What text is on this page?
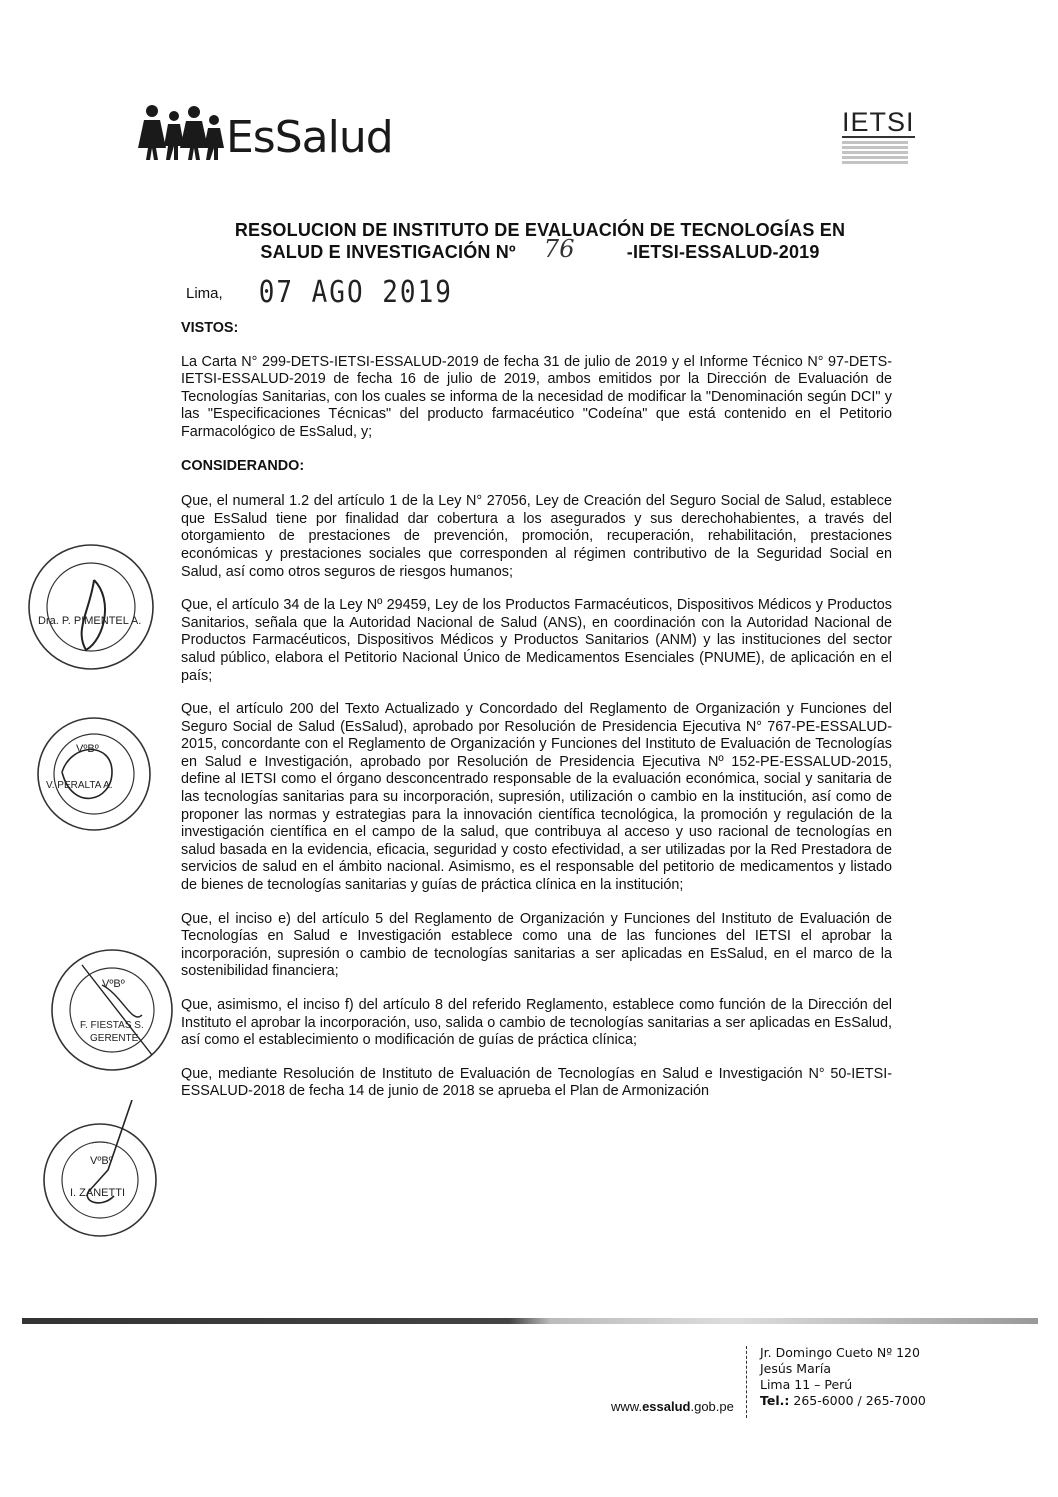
EsSalud	IETSI
RESOLUCION DE INSTITUTO DE EVALUACIÓN DE TECNOLOGÍAS EN
SALUD E INVESTIGACIÓN Nº 76	-IETSI-ESSALUD-2019
Lima, 07 AGO 2019

VISTOS:

La Carta N° 299-DETS-IETSI-ESSALUD-2019 de fecha 31 de julio de 2019 y el Informe Técnico N° 97-DETS-IETSI-ESSALUD-2019 de fecha 16 de julio de 2019, ambos emitidos por la Dirección de Evaluación de Tecnologías Sanitarias, con los cuales se informa de la necesidad de modificar la "Denominación según DCI" y las "Especificaciones Técnicas" del producto farmacéutico "Codeína" que está contenido en el Petitorio Farmacológico de EsSalud, y;

CONSIDERANDO:

Que, el numeral 1.2 del artículo 1 de la Ley N° 27056, Ley de Creación del Seguro Social de Salud, establece que EsSalud tiene por finalidad dar cobertura a los asegurados y sus derechohabientes, a través del otorgamiento de prestaciones de prevención, promoción, recuperación, rehabilitación, prestaciones económicas y prestaciones sociales que corresponden al régimen contributivo de la Seguridad Social en Salud, así como otros seguros de riesgos humanos;

Que, el artículo 34 de la Ley Nº 29459, Ley de los Productos Farmacéuticos, Dispositivos Médicos y Productos Sanitarios, señala que la Autoridad Nacional de Salud (ANS), en coordinación con la Autoridad Nacional de Productos Farmacéuticos, Dispositivos Médicos y Productos Sanitarios (ANM) y las instituciones del sector salud público, elabora el Petitorio Nacional Único de Medicamentos Esenciales (PNUME), de aplicación en el país;

Que, el artículo 200 del Texto Actualizado y Concordado del Reglamento de Organización y Funciones del Seguro Social de Salud (EsSalud), aprobado por Resolución de Presidencia Ejecutiva N° 767-PE-ESSALUD-2015, concordante con el Reglamento de Organización y Funciones del Instituto de Evaluación de Tecnologías en Salud e Investigación, aprobado por Resolución de Presidencia Ejecutiva Nº 152-PE-ESSALUD-2015, define al IETSI como el órgano desconcentrado responsable de la evaluación económica, social y sanitaria de las tecnologías sanitarias para su incorporación, supresión, utilización o cambio en la institución, así como de proponer las normas y estrategias para la innovación científica tecnológica, la promoción y regulación de la investigación científica en el campo de la salud, que contribuya al acceso y uso racional de tecnologías en salud basada en la evidencia, eficacia, seguridad y costo efectividad, a ser utilizadas por la Red Prestadora de servicios de salud en el ámbito nacional. Asimismo, es el responsable del petitorio de medicamentos y listado de bienes de tecnologías sanitarias y guías de práctica clínica en la institución;

Que, el inciso e) del artículo 5 del Reglamento de Organización y Funciones del Instituto de Evaluación de Tecnologías en Salud e Investigación establece como una de las funciones del IETSI el aprobar la incorporación, supresión o cambio de tecnologías sanitarias a ser aplicadas en EsSalud, en el marco de la sostenibilidad financiera;

Que, asimismo, el inciso f) del artículo 8 del referido Reglamento, establece como función de la Dirección del Instituto el aprobar la incorporación, uso, salida o cambio de tecnologías sanitarias a ser aplicadas en EsSalud, así como el establecimiento o modificación de guías de práctica clínica;

Que, mediante Resolución de Instituto de Evaluación de Tecnologías en Salud e Investigación N° 50-IETSI-ESSALUD-2018 de fecha 14 de junio de 2018 se aprueba el Plan de Armonización

Dra. P. PIMENTEL A.
VºBº
V. PERALTA A.
VºBº
F. FIESTAS S.
GERENTE
VºBº
I. ZANETTI
www.essalud.gob.pe
Jr. Domingo Cueto Nº 120
Jesús María
Lima 11 – Perú
Tel.: 265-6000 / 265-7000
